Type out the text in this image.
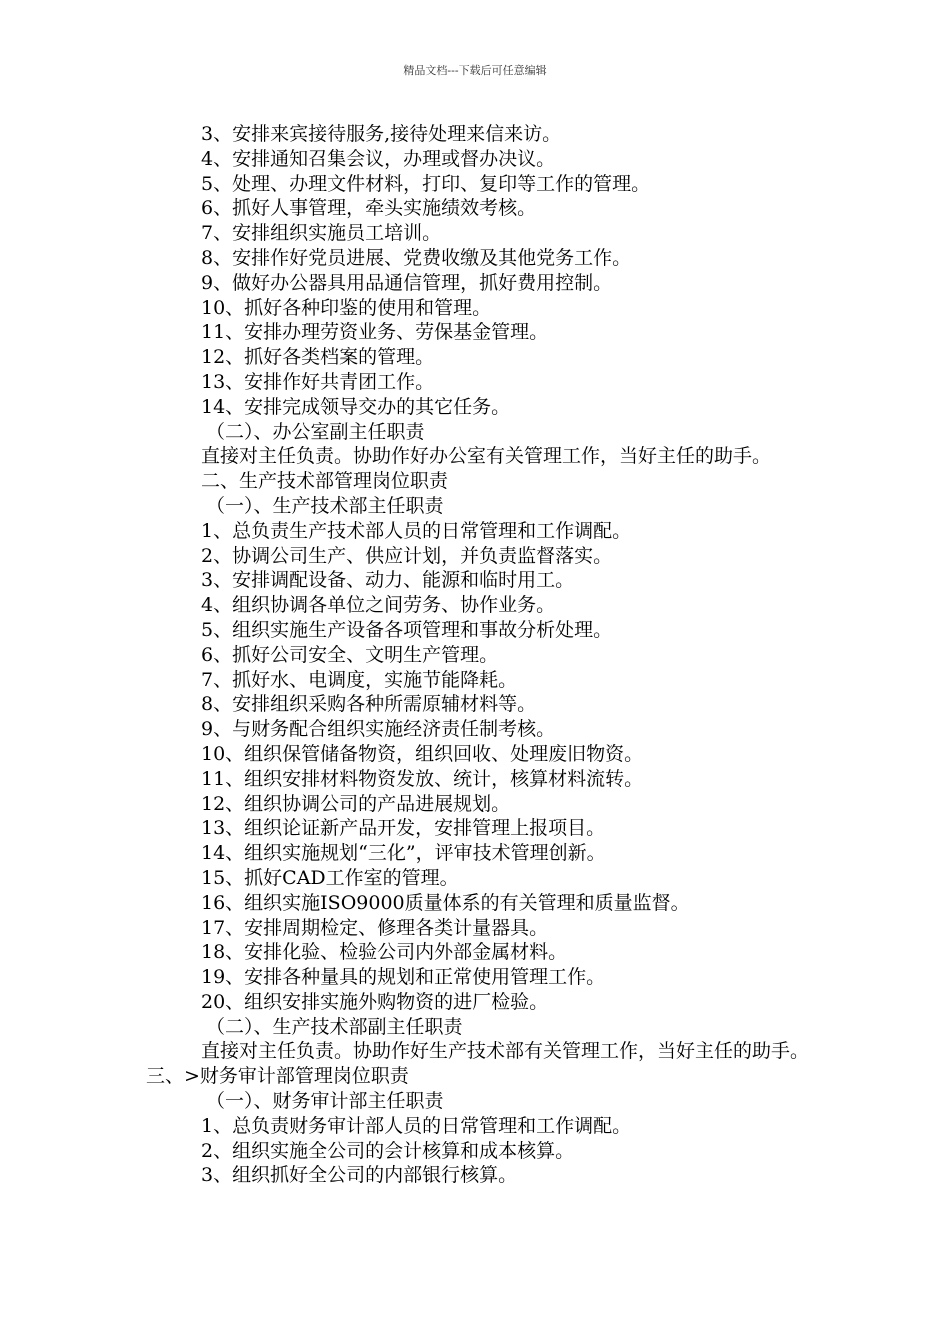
精品文档---下载后可任意编辑
3、安排来宾接待服务,接待处理来信来访。
4、安排通知召集会议，办理或督办决议。
5、处理、办理文件材料，打印、复印等工作的管理。
6、抓好人事管理，牵头实施绩效考核。
7、安排组织实施员工培训。
8、安排作好党员进展、党费收缴及其他党务工作。
9、做好办公器具用品通信管理，抓好费用控制。
10、抓好各种印鉴的使用和管理。
11、安排办理劳资业务、劳保基金管理。
12、抓好各类档案的管理。
13、安排作好共青团工作。
14、安排完成领导交办的其它任务。
（二）、办公室副主任职责
直接对主任负责。协助作好办公室有关管理工作，当好主任的助手。
二、生产技术部管理岗位职责
（一）、生产技术部主任职责
1、总负责生产技术部人员的日常管理和工作调配。
2、协调公司生产、供应计划，并负责监督落实。
3、安排调配设备、动力、能源和临时用工。
4、组织协调各单位之间劳务、协作业务。
5、组织实施生产设备各项管理和事故分析处理。
6、抓好公司安全、文明生产管理。
7、抓好水、电调度，实施节能降耗。
8、安排组织采购各种所需原辅材料等。
9、与财务配合组织实施经济责任制考核。
10、组织保管储备物资，组织回收、处理废旧物资。
11、组织安排材料物资发放、统计，核算材料流转。
12、组织协调公司的产品进展规划。
13、组织论证新产品开发，安排管理上报项目。
14、组织实施规划“三化”，评审技术管理创新。
15、抓好CAD工作室的管理。
16、组织实施ISO9000质量体系的有关管理和质量监督。
17、安排周期检定、修理各类计量器具。
18、安排化验、检验公司内外部金属材料。
19、安排各种量具的规划和正常使用管理工作。
20、组织安排实施外购物资的进厂检验。
（二）、生产技术部副主任职责
直接对主任负责。协助作好生产技术部有关管理工作，当好主任的助手。三、>财务审计部管理岗位职责
（一）、财务审计部主任职责
1、总负责财务审计部人员的日常管理和工作调配。
2、组织实施全公司的会计核算和成本核算。
3、组织抓好全公司的内部银行核算。
